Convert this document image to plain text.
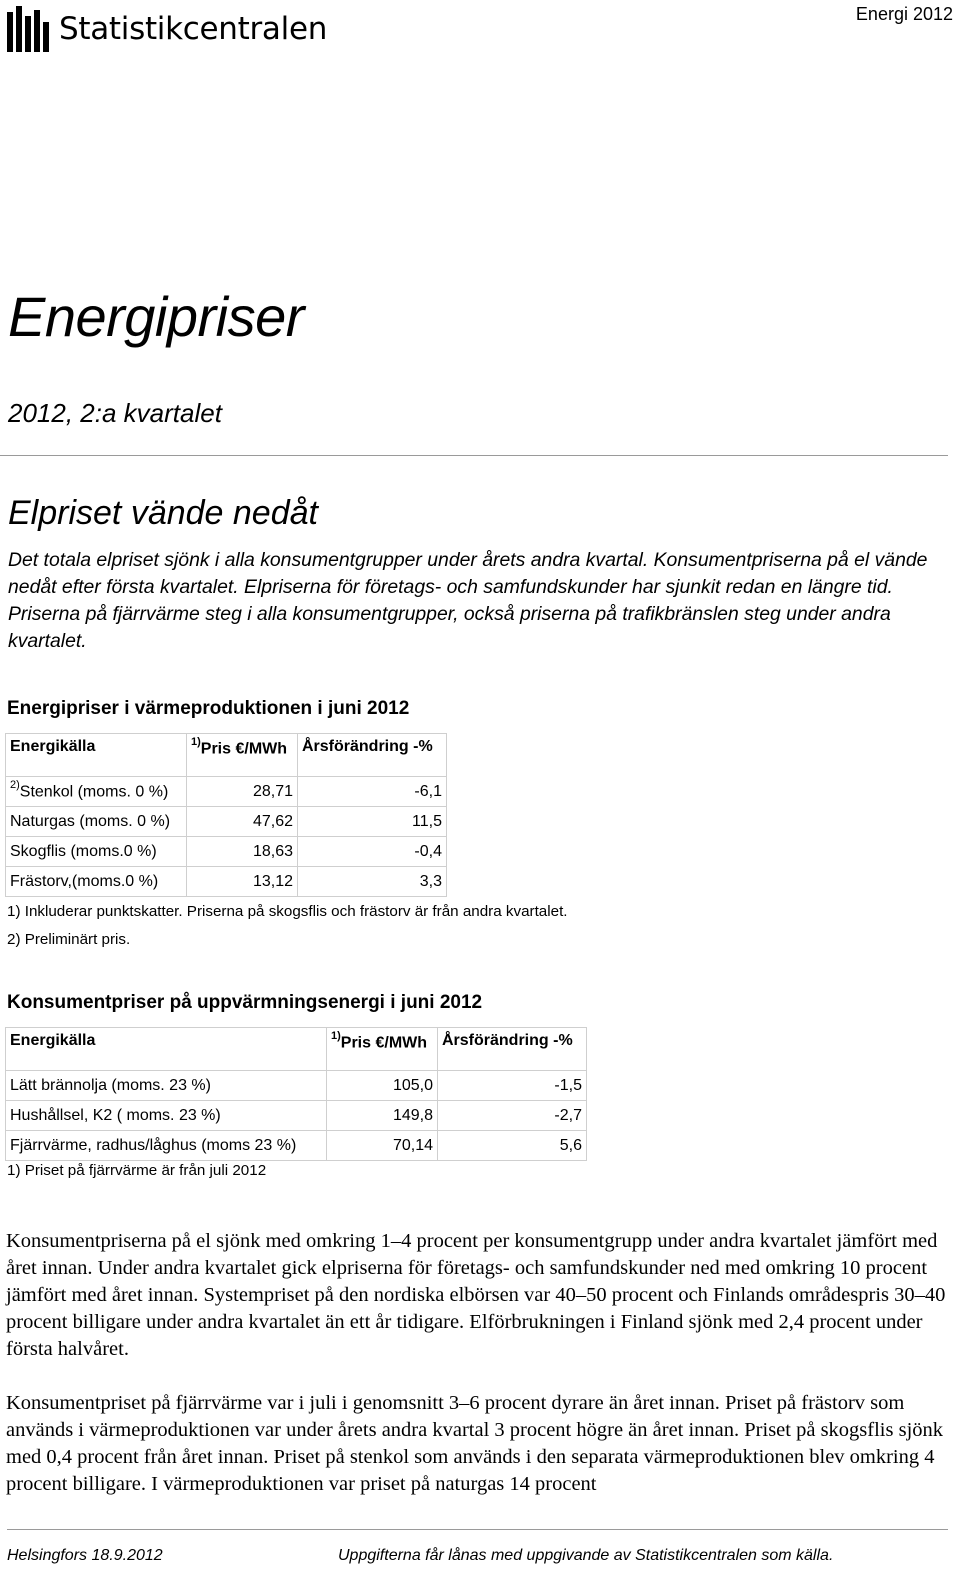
Statistikcentralen	Energi 2012
Energipriser
2012, 2:a kvartalet
Elpriset vände nedåt
Det totala elpriset sjönk i alla konsumentgrupper under årets andra kvartal. Konsumentpriserna på el vände nedåt efter första kvartalet. Elpriserna för företags- och samfundskunder har sjunkit redan en längre tid. Priserna på fjärrvärme steg i alla konsumentgrupper, också priserna på trafikbränslen steg under andra kvartalet.
Energipriser i värmeproduktionen i juni 2012
Energikälla	$^{1)}$Pris €/MWh	Årsförändring -%
$^{2)}$Stenkol (moms. 0 %)	28,71	-6,1
Naturgas (moms. 0 %)	47,62	11,5
Skogflis (moms.0 %)	18,63	-0,4
Frästorv,(moms.0 %)	13,12	3,3
1) Inkluderar punktskatter. Priserna på skogsflis och frästorv är från andra kvartalet.
2) Preliminärt pris.
Konsumentpriser på uppvärmningsenergi i juni 2012
Energikälla	$^{1)}$Pris €/MWh	Årsförändring -%
Lätt brännolja (moms. 23 %)	105,0	-1,5
Hushållsel, K2 ( moms. 23 %)	149,8	-2,7
Fjärrvärme, radhus/låghus (moms 23 %)	70,14	5,6
1) Priset på fjärrvärme är från juli 2012
Konsumentpriserna på el sjönk med omkring 1–4 procent per konsumentgrupp under andra kvartalet jämfört med året innan. Under andra kvartalet gick elpriserna för företags- och samfundskunder ned med omkring 10 procent jämfört med året innan. Systempriset på den nordiska elbörsen var 40–50 procent och Finlands områdespris 30–40 procent billigare under andra kvartalet än ett år tidigare. Elförbrukningen i Finland sjönk med 2,4 procent under första halvåret.
Konsumentpriset på fjärrvärme var i juli i genomsnitt 3–6 procent dyrare än året innan. Priset på frästorv som används i värmeproduktionen var under årets andra kvartal 3 procent högre än året innan. Priset på skogsflis sjönk med 0,4 procent från året innan. Priset på stenkol som används i den separata värmeproduktionen blev omkring 4 procent billigare. I värmeproduktionen var priset på naturgas 14 procent
Helsingfors 18.9.2012	Uppgifterna får lånas med uppgivande av Statistikcentralen som källa.
